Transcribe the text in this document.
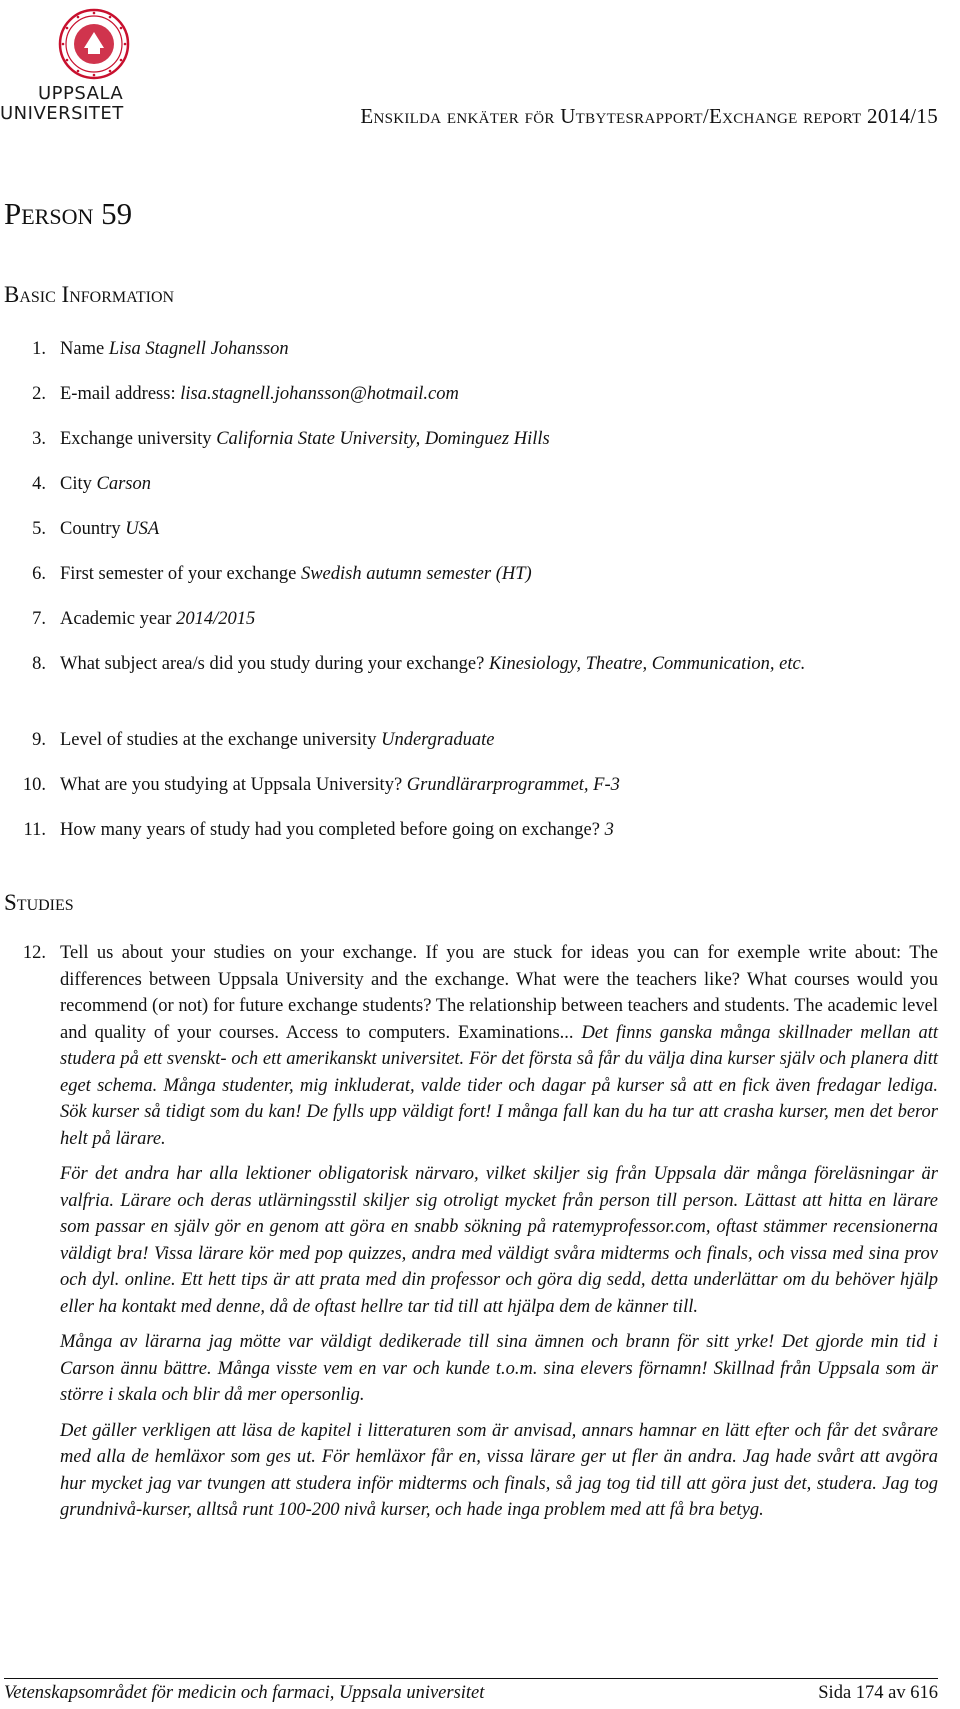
UPPSALA
UNIVERSITET	Enskilda enkäter för Utbytesrapport/Exchange report 2014/15
Person 59
Basic Information
1. Name Lisa Stagnell Johansson
2. E-mail address: lisa.stagnell.johansson@hotmail.com
3. Exchange university California State University, Dominguez Hills
4. City Carson
5. Country USA
6. First semester of your exchange Swedish autumn semester (HT)
7. Academic year 2014/2015
8. What subject area/s did you study during your exchange? Kinesiology, Theatre, Communication, etc.
9. Level of studies at the exchange university Undergraduate
10. What are you studying at Uppsala University? Grundlärarprogrammet, F-3
11. How many years of study had you completed before going on exchange? 3
Studies
12. Tell us about your studies on your exchange. If you are stuck for ideas you can for exemple write about: The differences between Uppsala University and the exchange. What were the teachers like? What courses would you recommend (or not) for future exchange students? The relationship between teachers and students. The academic level and quality of your courses. Access to computers. Examinations... Det finns ganska många skillnader mellan att studera på ett svenskt- och ett amerikanskt universitet. För det första så får du välja dina kurser själv och planera ditt eget schema. Många studenter, mig inkluderat, valde tider och dagar på kurser så att en fick även fredagar lediga. Sök kurser så tidigt som du kan! De fylls upp väldigt fort! I många fall kan du ha tur att crasha kurser, men det beror helt på lärare.

För det andra har alla lektioner obligatorisk närvaro, vilket skiljer sig från Uppsala där många föreläsningar är valfria. Lärare och deras utlärningsstil skiljer sig otroligt mycket från person till person. Lättast att hitta en lärare som passar en själv gör en genom att göra en snabb sökning på ratemyprofessor.com, oftast stämmer recensionerna väldigt bra! Vissa lärare kör med pop quizzes, andra med väldigt svåra midterms och finals, och vissa med sina prov och dyl. online. Ett hett tips är att prata med din professor och göra dig sedd, detta underlättar om du behöver hjälp eller ha kontakt med denne, då de oftast hellre tar tid till att hjälpa dem de känner till.

Många av lärarna jag mötte var väldigt dedikerade till sina ämnen och brann för sitt yrke! Det gjorde min tid i Carson ännu bättre. Många visste vem en var och kunde t.o.m. sina elevers förnamn! Skillnad från Uppsala som är större i skala och blir då mer opersonlig.

Det gäller verkligen att läsa de kapitel i litteraturen som är anvisad, annars hamnar en lätt efter och får det svårare med alla de hemläxor som ges ut. För hemläxor får en, vissa lärare ger ut fler än andra. Jag hade svårt att avgöra hur mycket jag var tvungen att studera inför midterms och finals, så jag tog tid till att göra just det, studera. Jag tog grundnivå-kurser, alltså runt 100-200 nivå kurser, och hade inga problem med att få bra betyg.

Vetenskapsområdet för medicin och farmaci, Uppsala universitet	Sida 174 av 616
